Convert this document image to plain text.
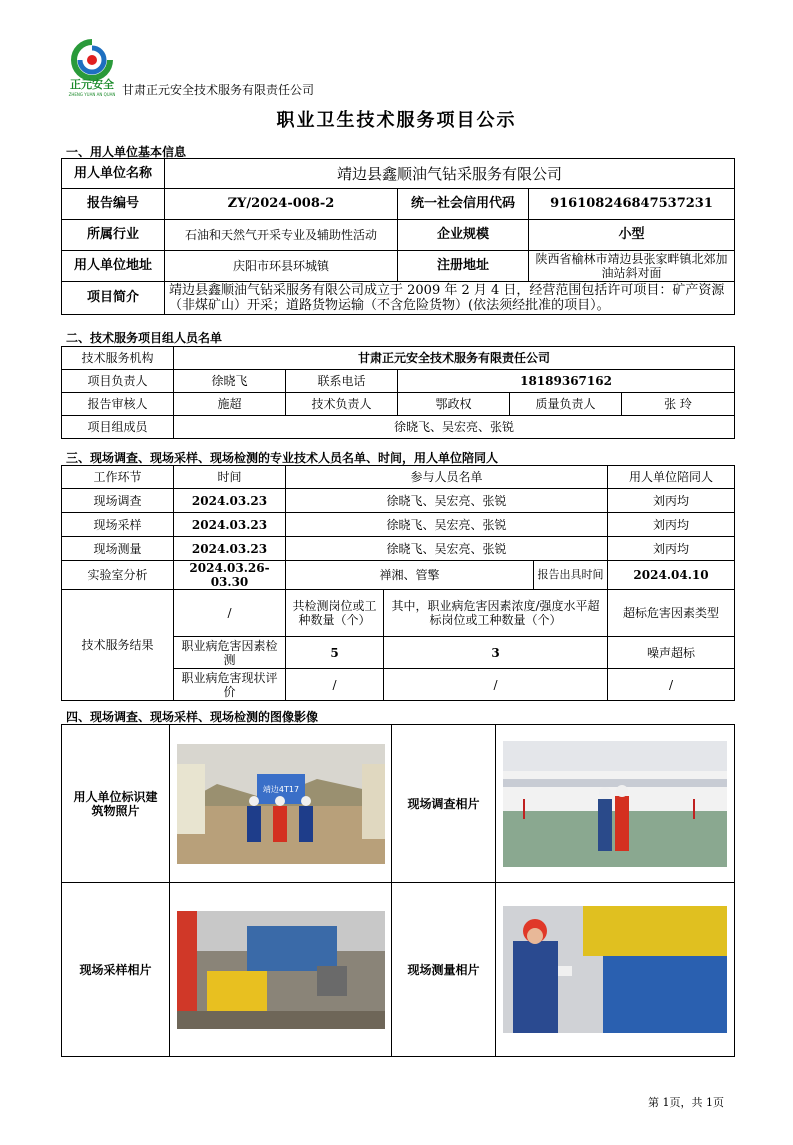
正元安全
ZHENG YUAN AN QUAN 甘肃正元安全技术服务有限责任公司
职业卫生技术服务项目公示
一、用人单位基本信息
用人单位名称	靖边县鑫顺油气钻采服务有限公司		
报告编号	ZY/2024-008-2	统一社会信用代码	916108246847537231
所属行业	石油和天然气开采专业及辅助性活动	企业规模	小型
用人单位地址	庆阳市环县环城镇	注册地址	陕西省榆林市靖边县张家畔镇北郊加油站斜对面
项目简介	靖边县鑫顺油气钻采服务有限公司成立于 2009 年 2 月 4 日，经营范围包括许可项目：矿产资源（非煤矿山）开采；道路货物运输（不含危险货物）(依法须经批准的项目）。		
二、技术服务项目组人员名单
技术服务机构	甘肃正元安全技术服务有限责任公司				
项目负责人	徐晓飞	联系电话	18189367162		
报告审核人	施超	技术负责人	鄂政权	质量负责人	张 玲
项目组成员	徐晓飞、吴宏亮、张锐				
三、现场调查、现场采样、现场检测的专业技术人员名单、时间，用人单位陪同人
工作环节	时间	参与人员名单			用人单位陪同人
现场调查	2024.03.23	徐晓飞、吴宏亮、张锐			刘丙均
现场采样	2024.03.23	徐晓飞、吴宏亮、张锐			刘丙均
现场测量	2024.03.23	徐晓飞、吴宏亮、张锐			刘丙均
实验室分析	2024.03.26-03.30	禅湘、管擎		报告出具时间	2024.04.10
技术服务结果	/	共检测岗位或工种数量（个）	其中，职业病危害因素浓度/强度水平超标岗位或工种数量（个）		超标危害因素类型
	职业病危害因素检测	5	3		噪声超标
	职业病危害现状评价	/	/		/
四、现场调查、现场采样、现场检测的图像影像
用人单位标识建筑物照片	靖边4T17	现场调查相片	

现场采样相片		现场测量相片	
第 1页，共 1页
